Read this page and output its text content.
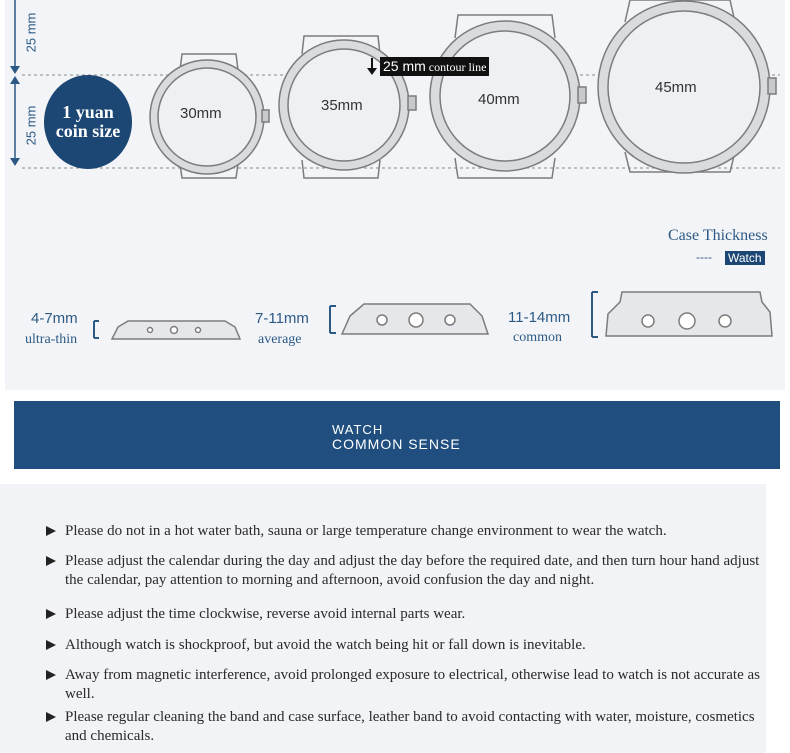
25 mm
25 mm	1 yuan
coin size
25 mm contour line
30mm	35mm	40mm
45mm
Case Thickness
---- Watch
4-7mm
ultra-thin
7-11mm
average
11-14mm
common
WATCH
COMMON SENSE
Please do not in a hot water bath, sauna or large temperature change environment to wear the watch.
Please adjust the calendar during the day and adjust the day before the required date, and then turn hour hand adjust the calendar, pay attention to morning and afternoon, avoid confusion the day and night.
Please adjust the time clockwise, reverse avoid internal parts wear.
Although watch is shockproof, but avoid the watch being hit or fall down is inevitable.
Away from magnetic interference, avoid prolonged exposure to electrical, otherwise lead to watch is not accurate as well.
Please regular cleaning the band and case surface, leather band to avoid contacting with water, moisture, cosmetics and chemicals.
